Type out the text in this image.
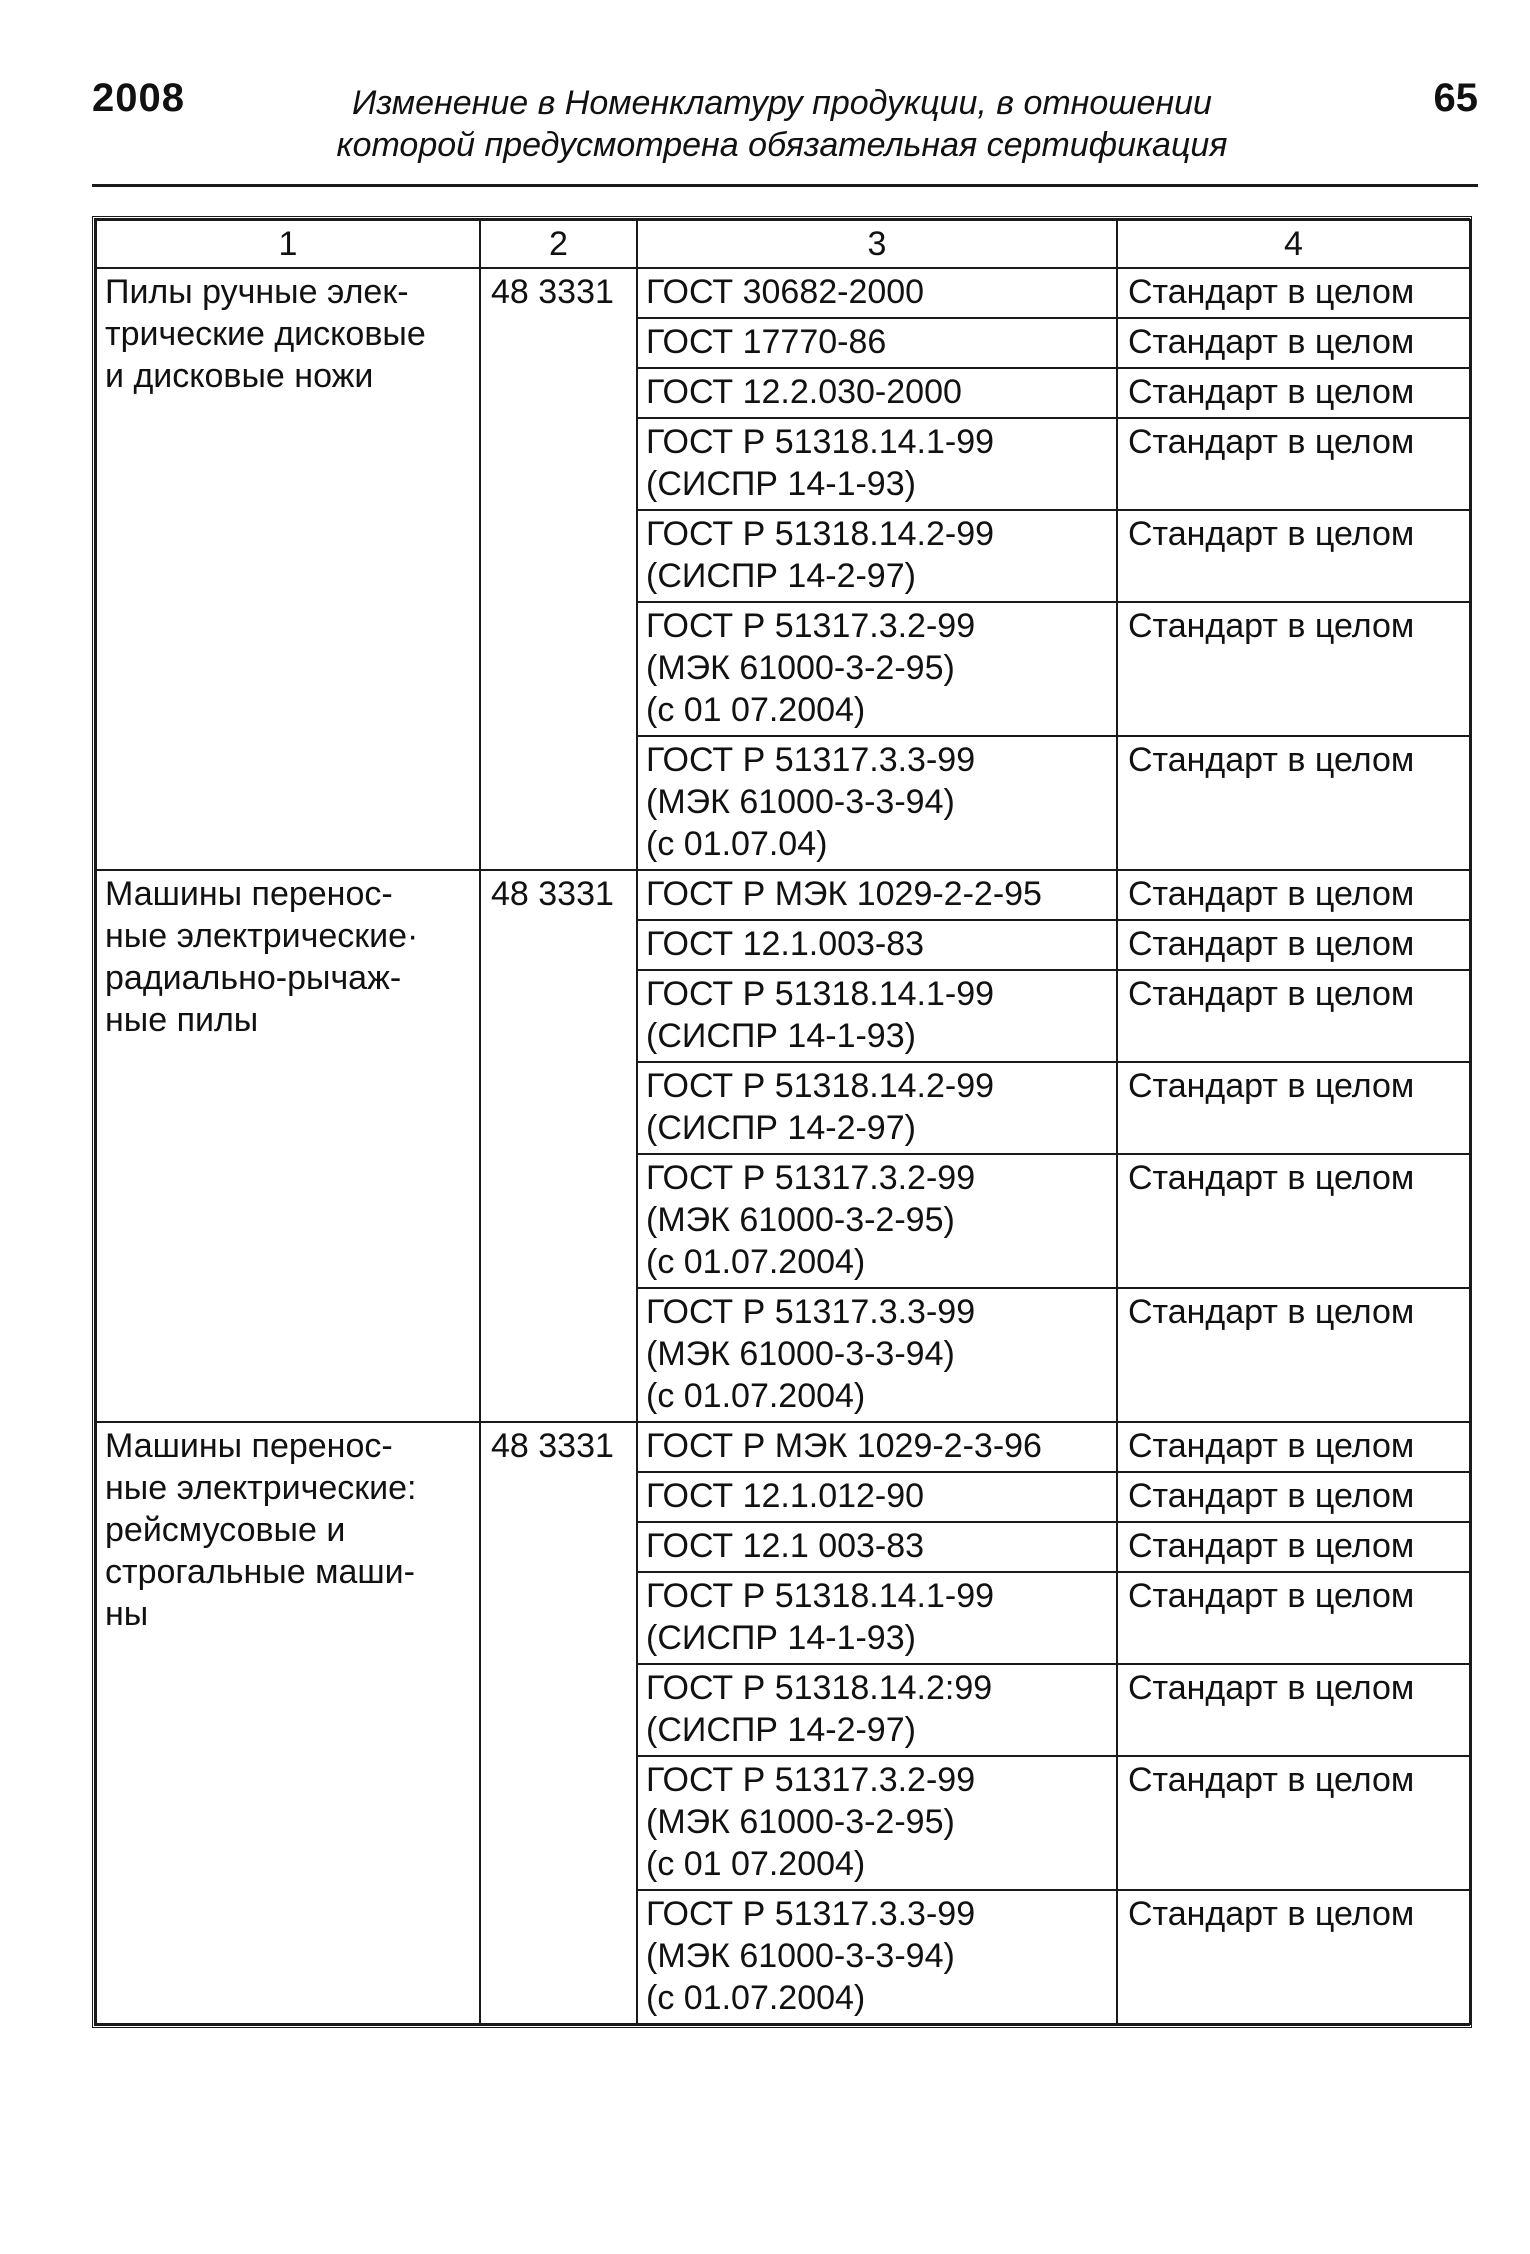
2008	Изменение в Номенклатуру продукции, в отношении
которой предусмотрена обязательная сертификация
65
1	2	3	4
Пилы ручные элек-
трические дисковые
и дисковые ножи	48 3331	ГОСТ 30682-2000	Стандарт в целом
		ГОСТ 17770-86	Стандарт в целом
		ГОСТ 12.2.030-2000	Стандарт в целом
		ГОСТ Р 51318.14.1-99
(СИСПР 14-1-93)	Стандарт в целом
		ГОСТ Р 51318.14.2-99
(СИСПР 14-2-97)	Стандарт в целом
		ГОСТ Р 51317.3.2-99
(МЭК 61000-3-2-95)
(с 01 07.2004)	Стандарт в целом
		ГОСТ Р 51317.3.3-99
(МЭК 61000-3-3-94)
(с 01.07.04)	Стандарт в целом
Машины перенос-
ные электрические·
радиально-рычаж-
ные пилы	48 3331	ГОСТ Р МЭК 1029-2-2-95	Стандарт в целом
		ГОСТ 12.1.003-83	Стандарт в целом
		ГОСТ Р 51318.14.1-99
(СИСПР 14-1-93)	Стандарт в целом
		ГОСТ Р 51318.14.2-99
(СИСПР 14-2-97)	Стандарт в целом
		ГОСТ Р 51317.3.2-99
(МЭК 61000-3-2-95)
(с 01.07.2004)	Стандарт в целом
		ГОСТ Р 51317.3.3-99
(МЭК 61000-3-3-94)
(с 01.07.2004)	Стандарт в целом
Машины перенос-
ные электрические:
рейсмусовые и
строгальные маши-
ны	48 3331	ГОСТ Р МЭК 1029-2-3-96	Стандарт в целом
		ГОСТ 12.1.012-90	Стандарт в целом
		ГОСТ 12.1 003-83	Стандарт в целом
		ГОСТ Р 51318.14.1-99
(СИСПР 14-1-93)	Стандарт в целом
		ГОСТ Р 51318.14.2:99
(СИСПР 14-2-97)	Стандарт в целом
		ГОСТ Р 51317.3.2-99
(МЭК 61000-3-2-95)
(с 01 07.2004)	Стандарт в целом
		ГОСТ Р 51317.3.3-99
(МЭК 61000-3-3-94)
(с 01.07.2004)	Стандарт в целом
